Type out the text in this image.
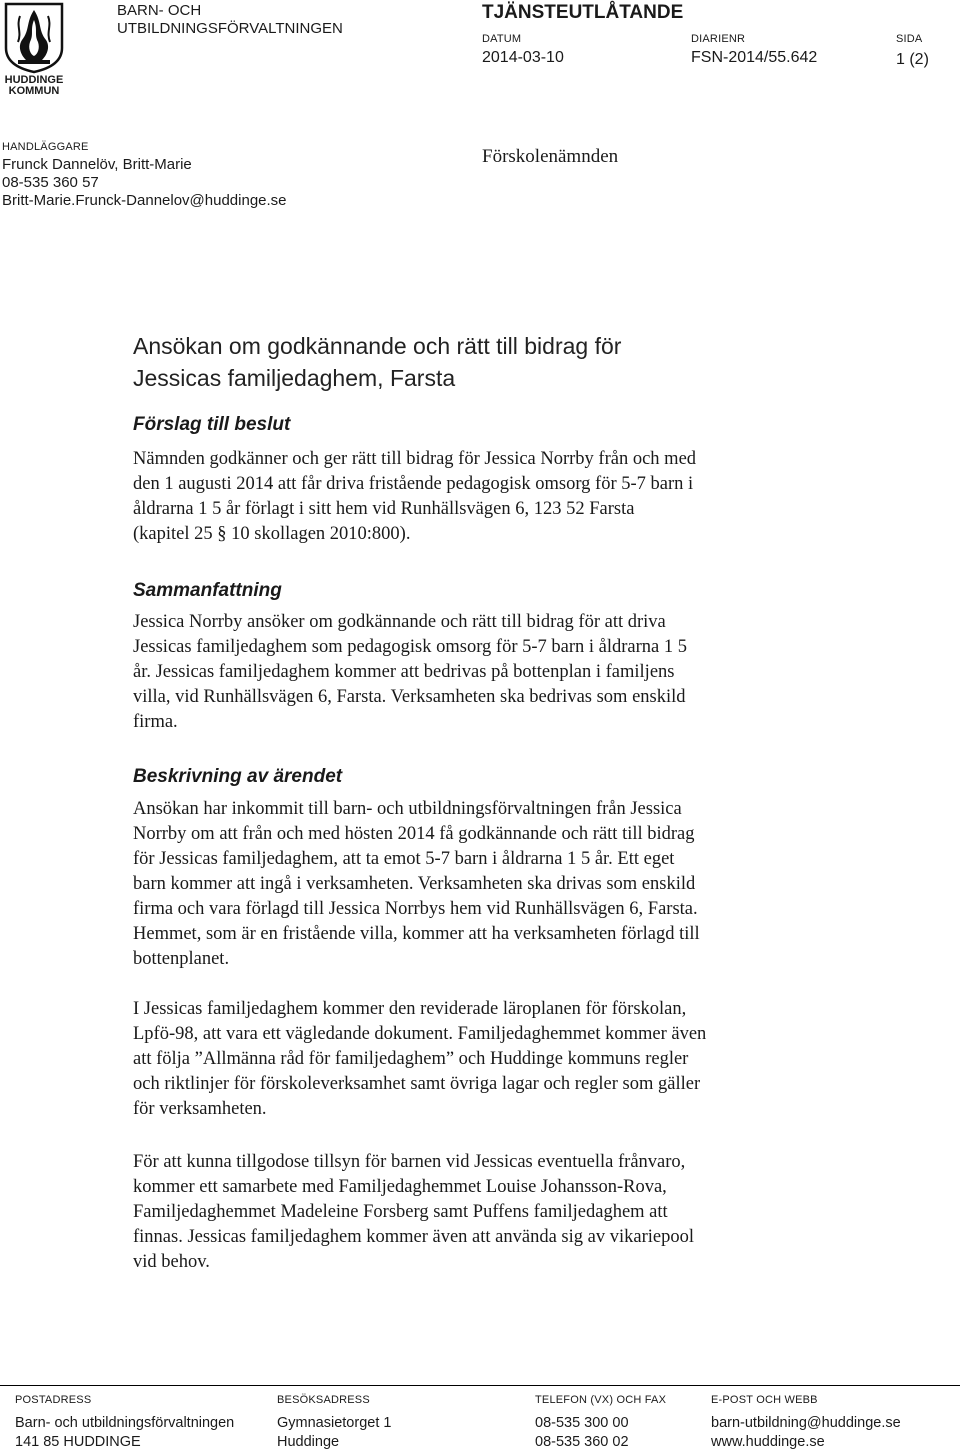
HUDDINGE
KOMMUN
BARN- OCH
UTBILDNINGSFÖRVALTNINGEN
TJÄNSTEUTLÅTANDE
DATUM
2014-03-10
DIARIENR
FSN-2014/55.642
SIDA
1 (2)
HANDLÄGGARE
Frunck Dannelöv, Britt-Marie
08-535 360 57
Britt-Marie.Frunck-Dannelov@huddinge.se
Förskolenämnden
Ansökan om godkännande och rätt till bidrag för
Jessicas familjedaghem, Farsta
Förslag till beslut
Nämnden godkänner och ger rätt till bidrag för Jessica Norrby från och med
den 1 augusti 2014 att får driva fristående pedagogisk omsorg för 5-7 barn i
åldrarna 1 5 år förlagt i sitt hem vid Runhällsvägen 6, 123 52 Farsta
(kapitel 25 § 10 skollagen 2010:800).
Sammanfattning
Jessica Norrby ansöker om godkännande och rätt till bidrag för att driva
Jessicas familjedaghem som pedagogisk omsorg för 5-7 barn i åldrarna 1 5
år. Jessicas familjedaghem kommer att bedrivas på bottenplan i familjens
villa, vid Runhällsvägen 6, Farsta. Verksamheten ska bedrivas som enskild
firma.
Beskrivning av ärendet
Ansökan har inkommit till barn- och utbildningsförvaltningen från Jessica
Norrby om att från och med hösten 2014 få godkännande och rätt till bidrag
för Jessicas familjedaghem, att ta emot 5-7 barn i åldrarna 1 5 år. Ett eget
barn kommer att ingå i verksamheten. Verksamheten ska drivas som enskild
firma och vara förlagd till Jessica Norrbys hem vid Runhällsvägen 6, Farsta.
Hemmet, som är en fristående villa, kommer att ha verksamheten förlagd till
bottenplanet.
I Jessicas familjedaghem kommer den reviderade läroplanen för förskolan,
Lpfö-98, att vara ett vägledande dokument. Familjedaghemmet kommer även
att följa ”Allmänna råd för familjedaghem” och Huddinge kommuns regler
och riktlinjer för förskoleverksamhet samt övriga lagar och regler som gäller
för verksamheten.
För att kunna tillgodose tillsyn för barnen vid Jessicas eventuella frånvaro,
kommer ett samarbete med Familjedaghemmet Louise Johansson-Rova,
Familjedaghemmet Madeleine Forsberg samt Puffens familjedaghem att
finnas. Jessicas familjedaghem kommer även att använda sig av vikariepool
vid behov.
POSTADRESS
Barn- och utbildningsförvaltningen
141 85 HUDDINGE
BESÖKSADRESS
Gymnasietorget 1
Huddinge
TELEFON (VX) OCH FAX
08-535 300 00
08-535 360 02
E-POST OCH WEBB
barn-utbildning@huddinge.se
www.huddinge.se
